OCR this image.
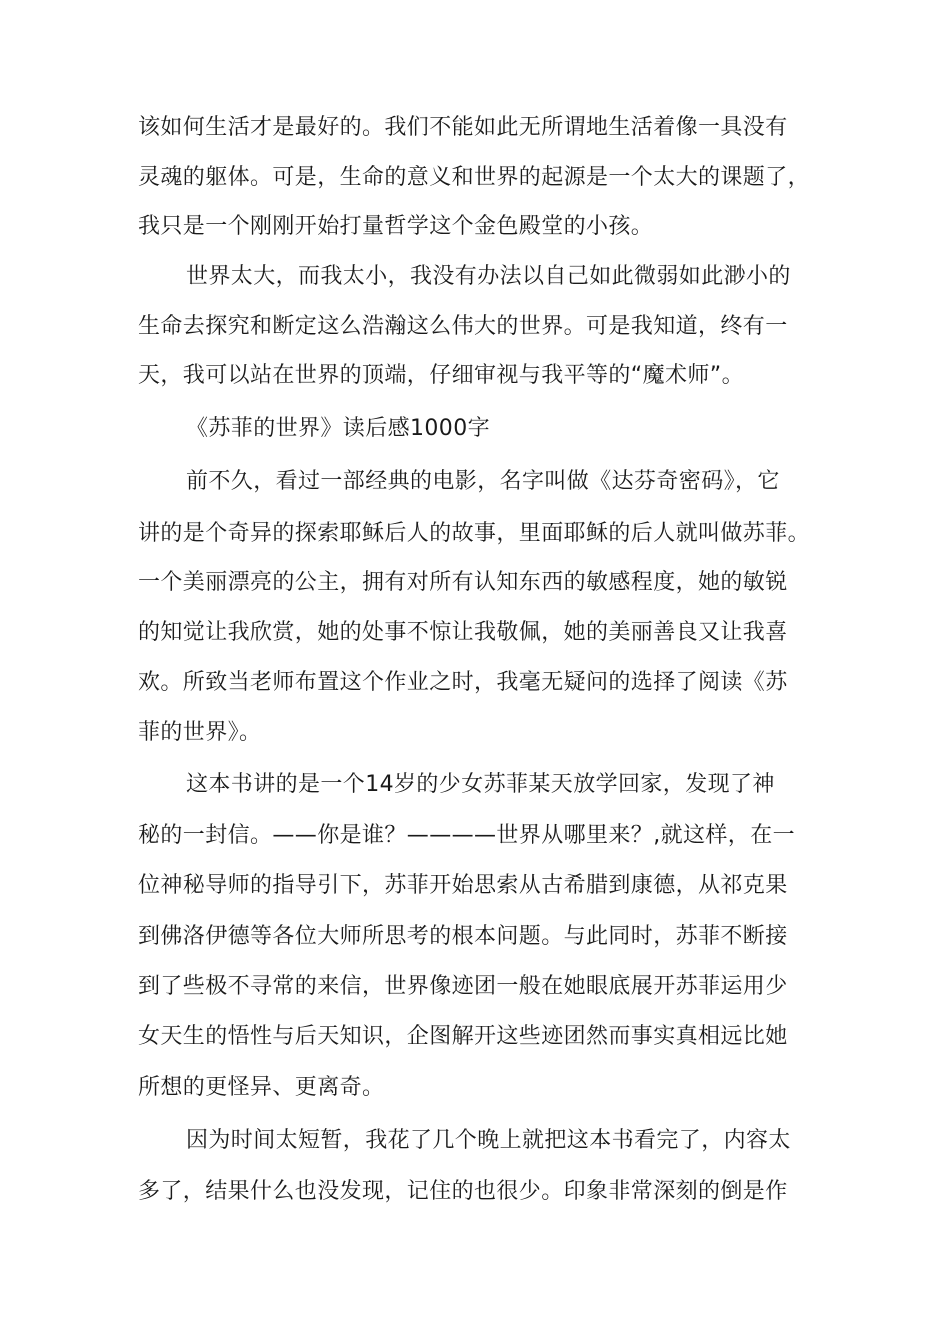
该如何生活才是最好的。我们不能如此无所谓地生活着像一具没有
灵魂的躯体。可是，生命的意义和世界的起源是一个太大的课题了，
我只是一个刚刚开始打量哲学这个金色殿堂的小孩。
世界太大，而我太小，我没有办法以自己如此微弱如此渺小的
生命去探究和断定这么浩瀚这么伟大的世界。可是我知道，终有一
天，我可以站在世界的顶端，仔细审视与我平等的“魔术师”。
《苏菲的世界》读后感1000字
前不久，看过一部经典的电影，名字叫做《达芬奇密码》，它
讲的是个奇异的探索耶稣后人的故事，里面耶稣的后人就叫做苏菲。
一个美丽漂亮的公主，拥有对所有认知东西的敏感程度，她的敏锐
的知觉让我欣赏，她的处事不惊让我敬佩，她的美丽善良又让我喜
欢。所致当老师布置这个作业之时，我毫无疑问的选择了阅读《苏
菲的世界》。
这本书讲的是一个14岁的少女苏菲某天放学回家，发现了神
秘的一封信。——你是谁？————世界从哪里来？,就这样，在一
位神秘导师的指导引下，苏菲开始思索从古希腊到康德，从祁克果
到佛洛伊德等各位大师所思考的根本问题。与此同时，苏菲不断接
到了些极不寻常的来信，世界像迹团一般在她眼底展开苏菲运用少
女天生的悟性与后天知识，企图解开这些迹团然而事实真相远比她
所想的更怪异、更离奇。
因为时间太短暂，我花了几个晚上就把这本书看完了，内容太
多了，结果什么也没发现，记住的也很少。印象非常深刻的倒是作
